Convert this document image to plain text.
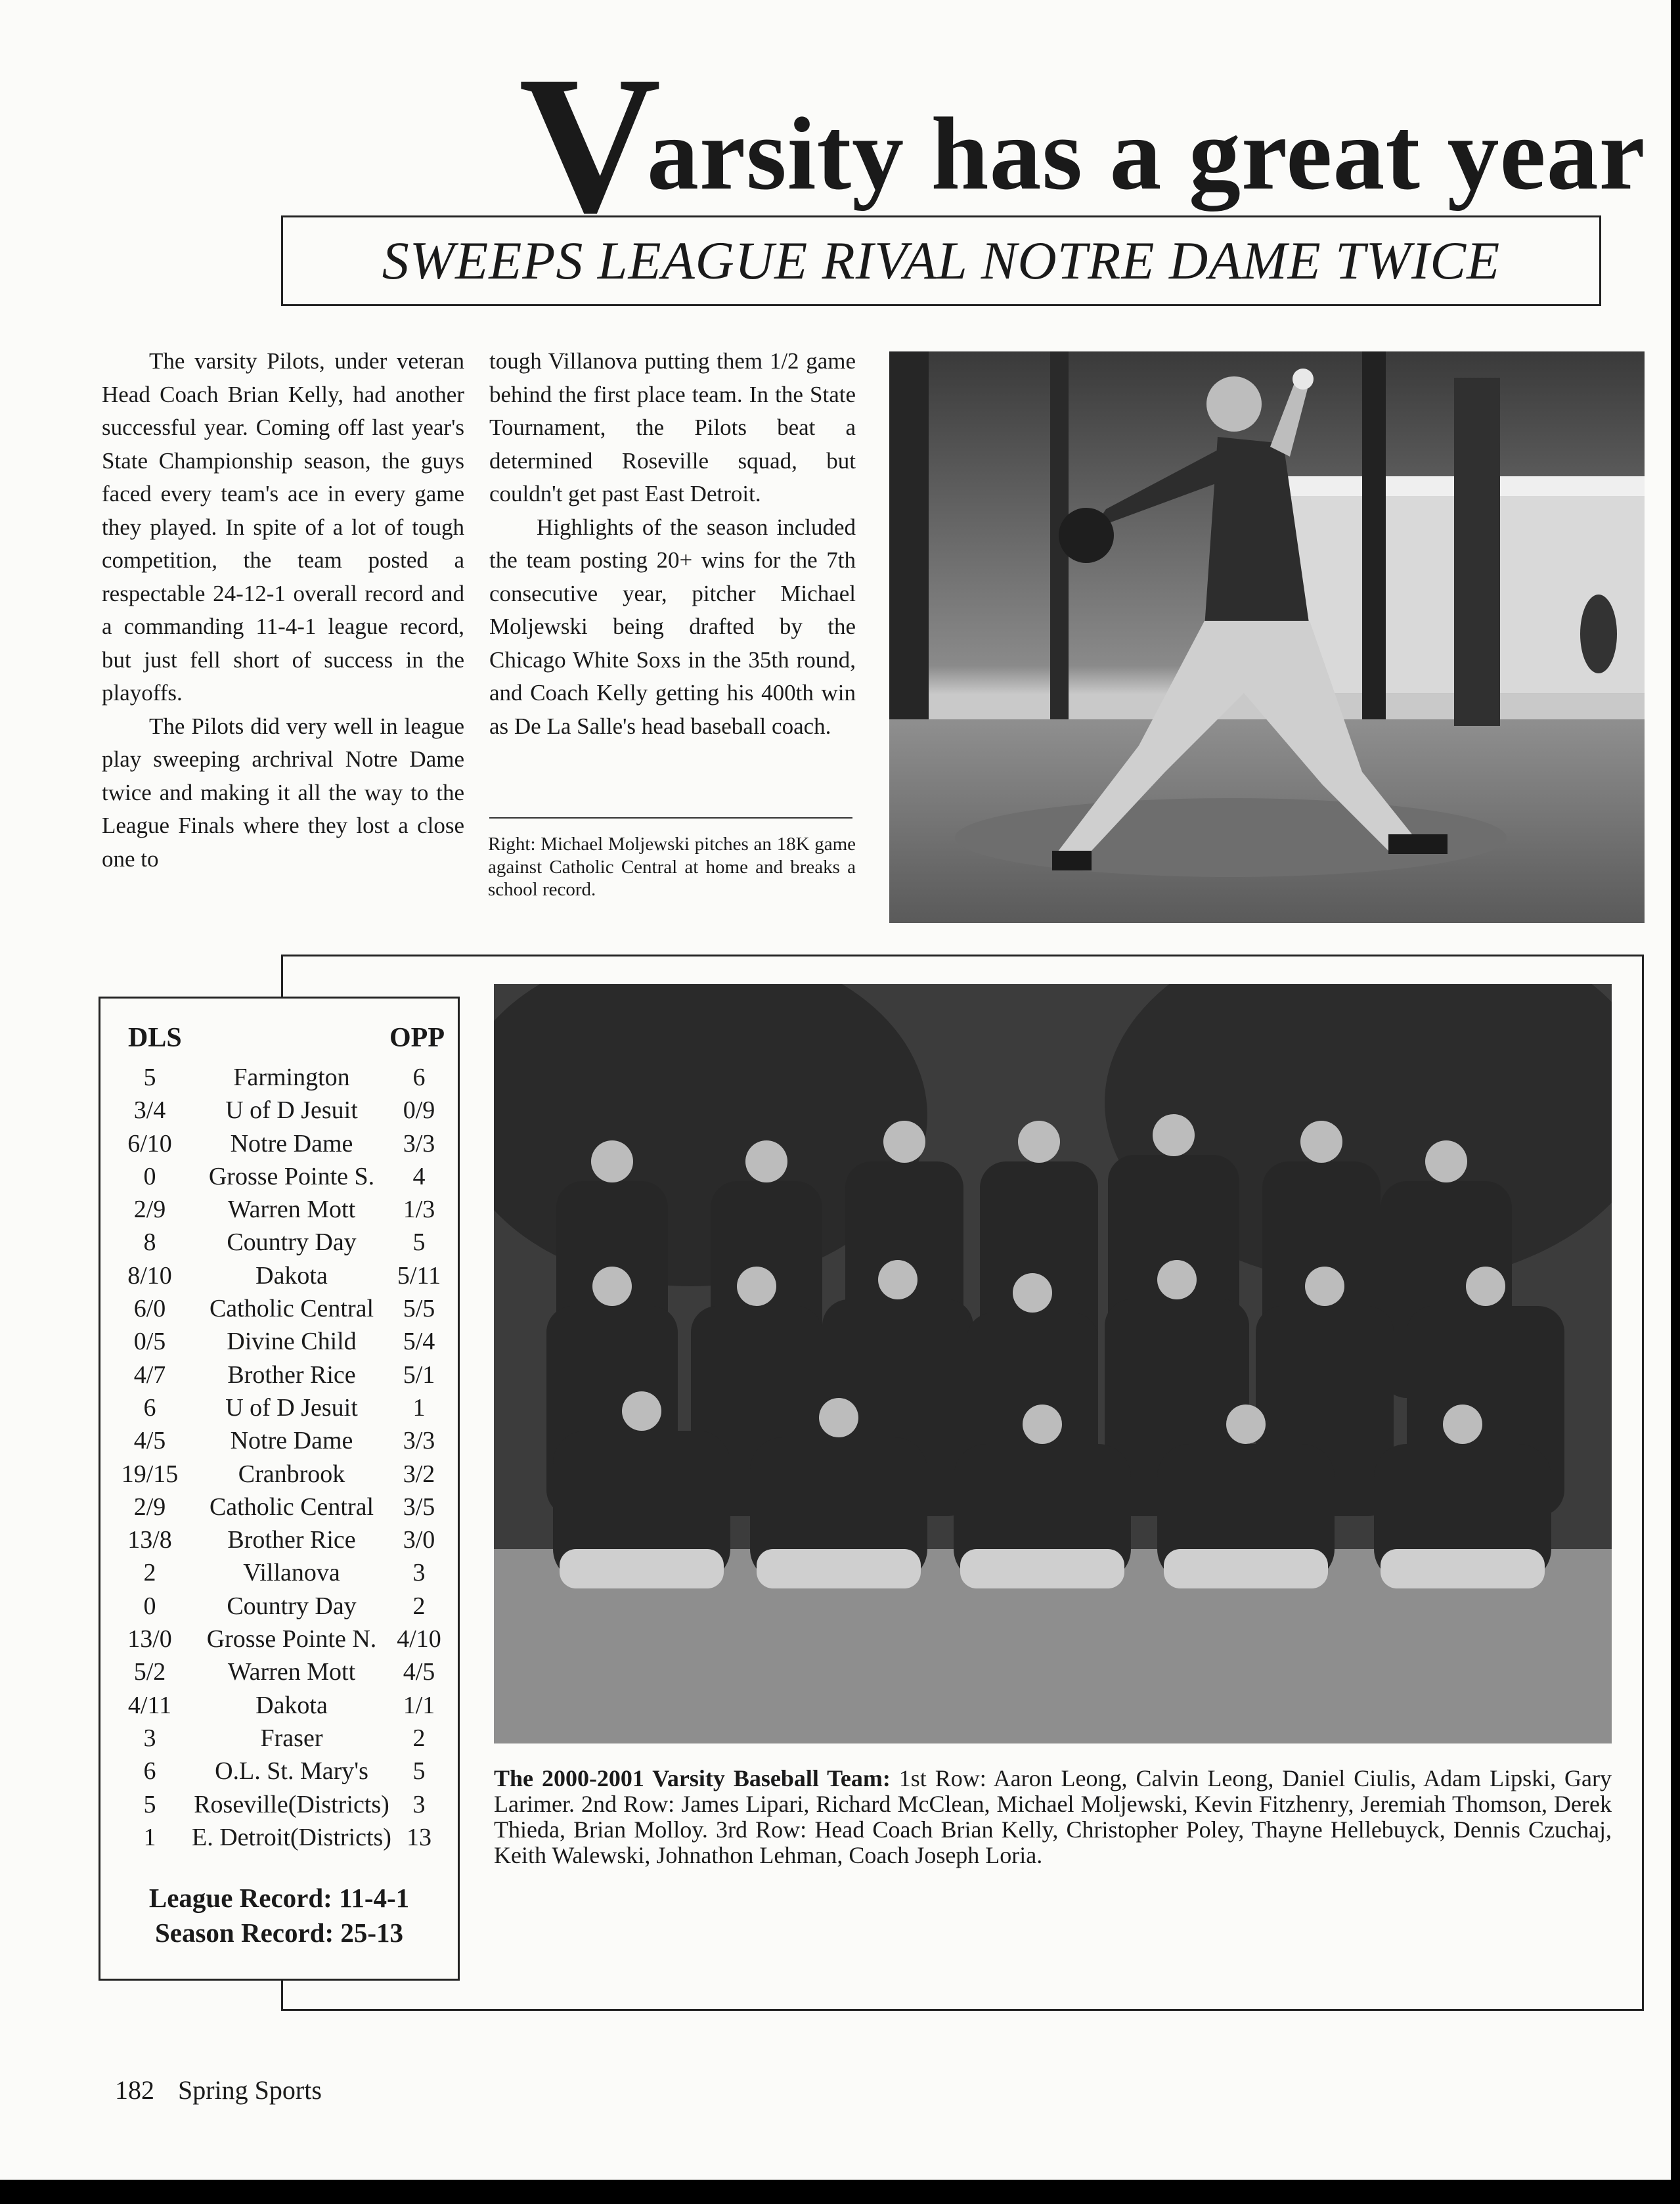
V
arsity has a great year
SWEEPS LEAGUE RIVAL NOTRE DAME TWICE

The varsity Pilots, under veteran Head Coach Brian Kelly, had another successful year. Coming off last year's State Championship season, the guys faced every team's ace in every game they played. In spite of a lot of tough competition, the team posted a respectable 24-12-1 overall record and a commanding 11-4-1 league record, but just fell short of success in the playoffs.

The Pilots did very well in league play sweeping archrival Notre Dame twice and making it all the way to the League Finals where they lost a close one to

tough Villanova putting them 1/2 game behind the first place team. In the State Tournament, the Pilots beat a determined Roseville squad, but couldn't get past East Detroit.

Highlights of the season included the team posting 20+ wins for the 7th consecutive year, pitcher Michael Moljewski being drafted by the Chicago White Soxs in the 35th round, and Coach Kelly getting his 400th win as De La Salle's head baseball coach.

Right: Michael Moljewski pitches an 18K game against Catholic Central at home and breaks a school record.
DLS	OPP
5	Farmington	6
3/4	U of D Jesuit	0/9
6/10	Notre Dame	3/3
0	Grosse Pointe S.	4
2/9	Warren Mott	1/3
8	Country Day	5
8/10	Dakota	5/11
6/0	Catholic Central	5/5
0/5	Divine Child	5/4
4/7	Brother Rice	5/1
6	U of D Jesuit	1
4/5	Notre Dame	3/3
19/15	Cranbrook	3/2
2/9	Catholic Central	3/5
13/8	Brother Rice	3/0
2	Villanova	3
0	Country Day	2
13/0	Grosse Pointe N. 4/10
5/2	Warren Mott	4/5
4/11	Dakota	1/1
3	Fraser	2
6	O.L. St. Mary's	5
5	Roseville(Districts) 3
1	E. Detroit(Districts) 13
League Record: 11-4-1
Season Record: 25-13
The 2000-2001 Varsity Baseball Team: 1st Row: Aaron Leong, Calvin Leong, Daniel Ciulis, Adam Lipski, Gary Larimer. 2nd Row: James Lipari, Richard McClean, Michael Moljewski, Kevin Fitzhenry, Jeremiah Thomson, Derek Thieda, Brian Molloy. 3rd Row: Head Coach Brian Kelly, Christopher Poley, Thayne Hellebuyck, Dennis Czuchaj, Keith Walewski, Johnathon Lehman, Coach Joseph Loria.
182 Spring Sports
